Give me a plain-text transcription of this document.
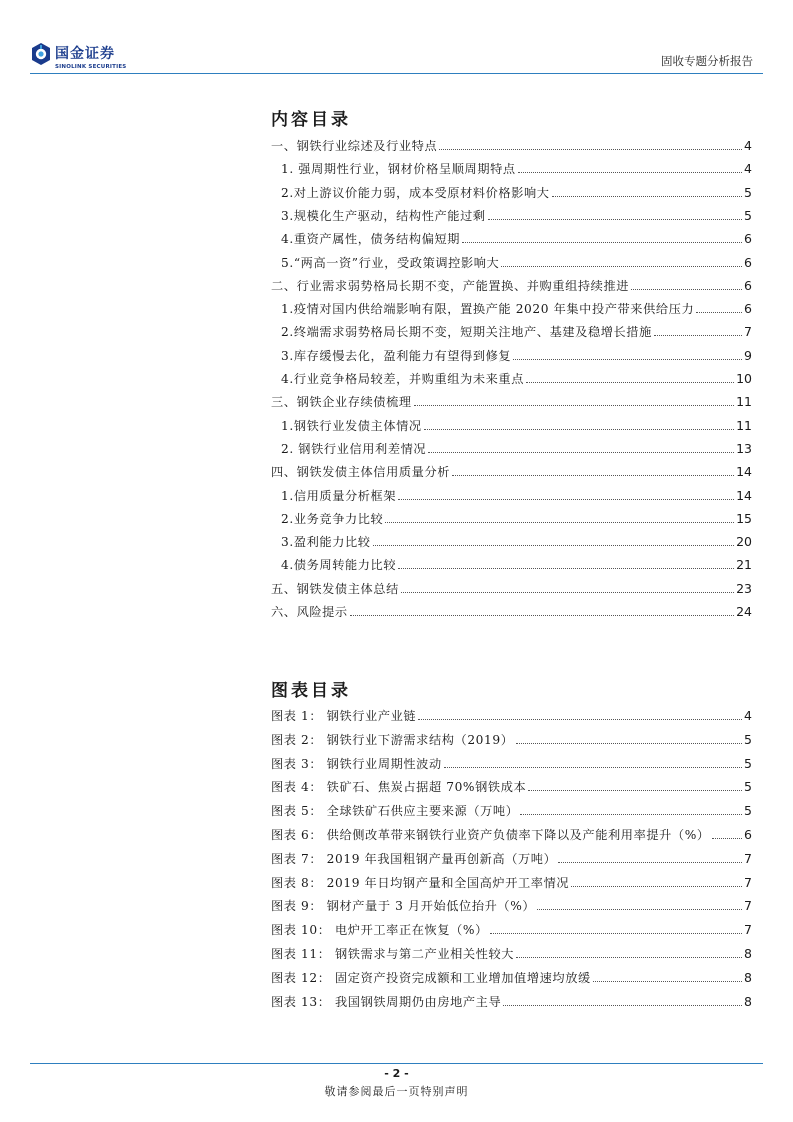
国金证券
SINOLINK SECURITIES	固收专题分析报告
内容目录
一、钢铁行业综述及行业特点	4
1. 强周期性行业，钢材价格呈顺周期特点	4
2.对上游议价能力弱，成本受原材料价格影响大	5
3.规模化生产驱动，结构性产能过剩	5
4.重资产属性，债务结构偏短期	6
5.“两高一资”行业，受政策调控影响大	6
二、行业需求弱势格局长期不变，产能置换、并购重组持续推进	6
1.疫情对国内供给端影响有限，置换产能 2020 年集中投产带来供给压力	6
2.终端需求弱势格局长期不变，短期关注地产、基建及稳增长措施	7
3.库存缓慢去化，盈利能力有望得到修复	9
4.行业竞争格局较差，并购重组为未来重点	10
三、钢铁企业存续债梳理	11
1.钢铁行业发债主体情况	11
2. 钢铁行业信用利差情况	13
四、钢铁发债主体信用质量分析	14
1.信用质量分析框架	14
2.业务竞争力比较	15
3.盈利能力比较	20
4.债务周转能力比较	21
五、钢铁发债主体总结	23
六、风险提示	24
图表目录
图表 1： 钢铁行业产业链	4
图表 2： 钢铁行业下游需求结构（2019）	5
图表 3： 钢铁行业周期性波动	5
图表 4： 铁矿石、焦炭占据超 70%钢铁成本	5
图表 5： 全球铁矿石供应主要来源（万吨）	5
图表 6： 供给侧改革带来钢铁行业资产负债率下降以及产能利用率提升（%）	6
图表 7： 2019 年我国粗钢产量再创新高（万吨）	7
图表 8： 2019 年日均钢产量和全国高炉开工率情况	7
图表 9： 钢材产量于 3 月开始低位抬升（%）	7
图表 10： 电炉开工率正在恢复（%）	7
图表 11： 钢铁需求与第二产业相关性较大	8
图表 12： 固定资产投资完成额和工业增加值增速均放缓	8
图表 13： 我国钢铁周期仍由房地产主导	8
- 2 -
敬请参阅最后一页特别声明
